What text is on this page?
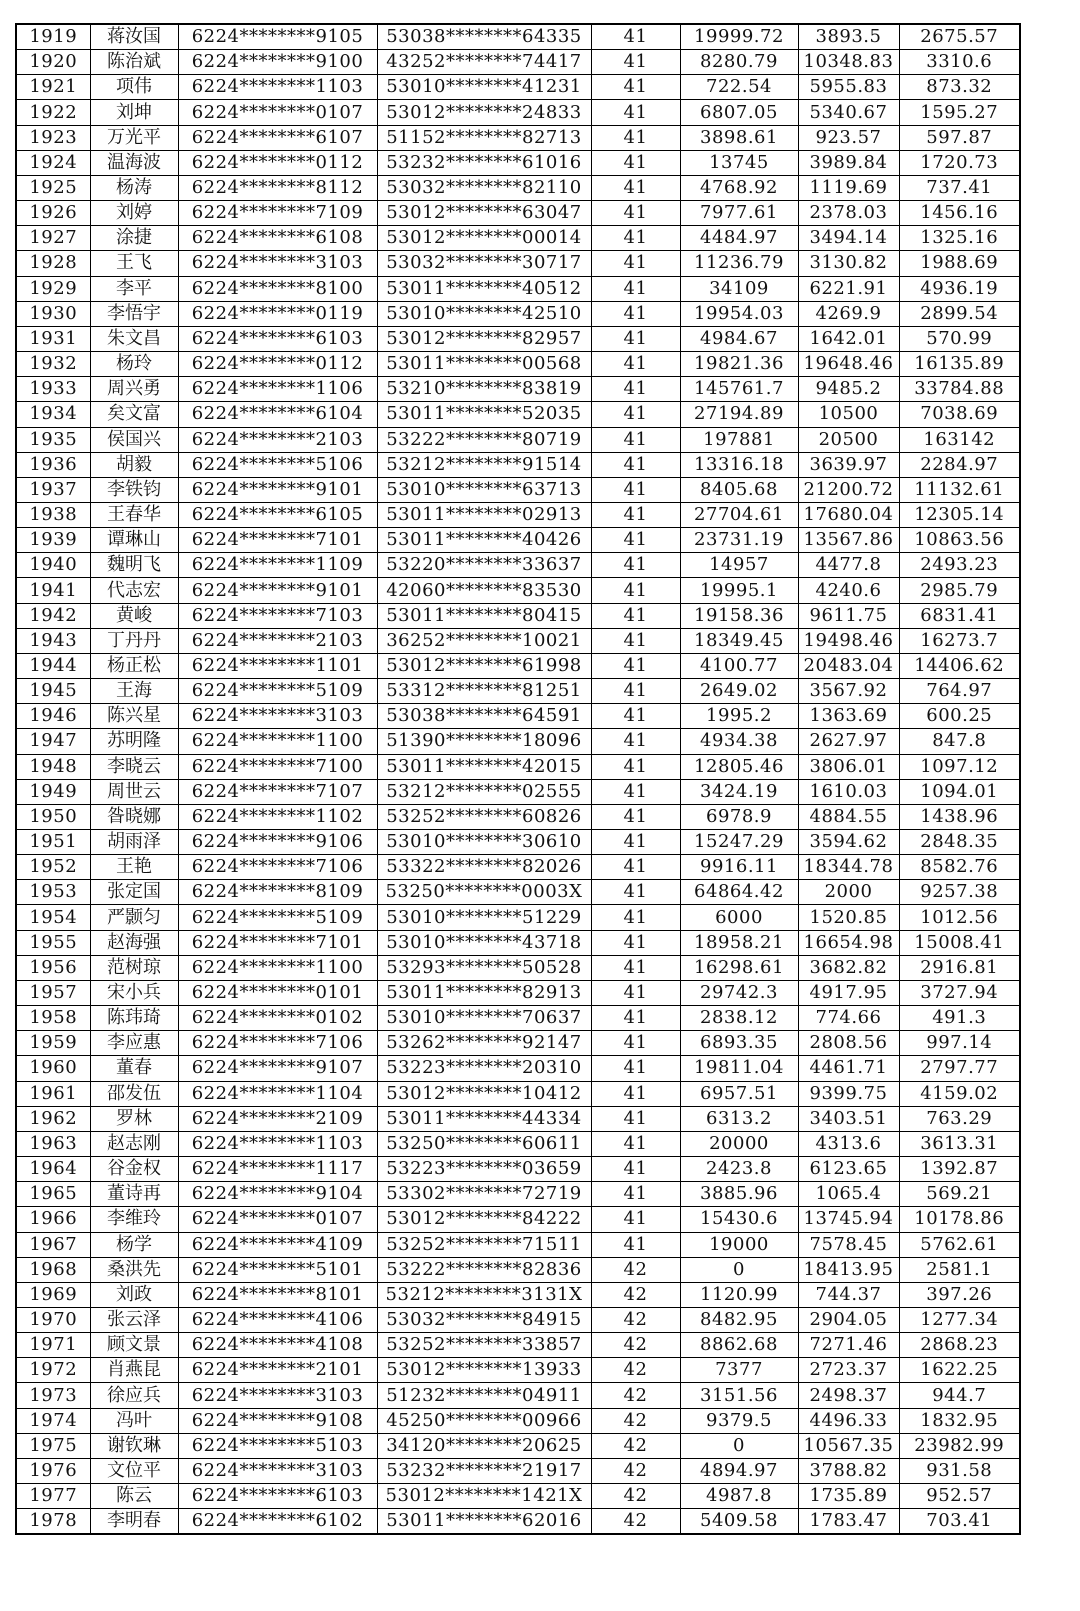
1919	蒋汝国	6224********9105	53038********64335	41	19999.72	3893.5	2675.57
1920	陈治斌	6224********9100	43252********74417	41	8280.79	10348.83	3310.6
1921	项伟	6224********1103	53010********41231	41	722.54	5955.83	873.32
1922	刘坤	6224********0107	53012********24833	41	6807.05	5340.67	1595.27
1923	万光平	6224********6107	51152********82713	41	3898.61	923.57	597.87
1924	温海波	6224********0112	53232********61016	41	13745	3989.84	1720.73
1925	杨涛	6224********8112	53032********82110	41	4768.92	1119.69	737.41
1926	刘婷	6224********7109	53012********63047	41	7977.61	2378.03	1456.16
1927	涂捷	6224********6108	53012********00014	41	4484.97	3494.14	1325.16
1928	王飞	6224********3103	53032********30717	41	11236.79	3130.82	1988.69
1929	李平	6224********8100	53011********40512	41	34109	6221.91	4936.19
1930	李悟宇	6224********0119	53010********42510	41	19954.03	4269.9	2899.54
1931	朱文昌	6224********6103	53012********82957	41	4984.67	1642.01	570.99
1932	杨玲	6224********0112	53011********00568	41	19821.36	19648.46	16135.89
1933	周兴勇	6224********1106	53210********83819	41	145761.7	9485.2	33784.88
1934	矣文富	6224********6104	53011********52035	41	27194.89	10500	7038.69
1935	侯国兴	6224********2103	53222********80719	41	197881	20500	163142
1936	胡毅	6224********5106	53212********91514	41	13316.18	3639.97	2284.97
1937	李铁钧	6224********9101	53010********63713	41	8405.68	21200.72	11132.61
1938	王春华	6224********6105	53011********02913	41	27704.61	17680.04	12305.14
1939	谭琳山	6224********7101	53011********40426	41	23731.19	13567.86	10863.56
1940	魏明飞	6224********1109	53220********33637	41	14957	4477.8	2493.23
1941	代志宏	6224********9101	42060********83530	41	19995.1	4240.6	2985.79
1942	黄峻	6224********7103	53011********80415	41	19158.36	9611.75	6831.41
1943	丁丹丹	6224********2103	36252********10021	41	18349.45	19498.46	16273.7
1944	杨正松	6224********1101	53012********61998	41	4100.77	20483.04	14406.62
1945	王海	6224********5109	53312********81251	41	2649.02	3567.92	764.97
1946	陈兴星	6224********3103	53038********64591	41	1995.2	1363.69	600.25
1947	苏明隆	6224********1100	51390********18096	41	4934.38	2627.97	847.8
1948	李晓云	6224********7100	53011********42015	41	12805.46	3806.01	1097.12
1949	周世云	6224********7107	53212********02555	41	3424.19	1610.03	1094.01
1950	昝晓娜	6224********1102	53252********60826	41	6978.9	4884.55	1438.96
1951	胡雨泽	6224********9106	53010********30610	41	15247.29	3594.62	2848.35
1952	王艳	6224********7106	53322********82026	41	9916.11	18344.78	8582.76
1953	张定国	6224********8109	53250********0003X	41	64864.42	2000	9257.38
1954	严颢匀	6224********5109	53010********51229	41	6000	1520.85	1012.56
1955	赵海强	6224********7101	53010********43718	41	18958.21	16654.98	15008.41
1956	范树琼	6224********1100	53293********50528	41	16298.61	3682.82	2916.81
1957	宋小兵	6224********0101	53011********82913	41	29742.3	4917.95	3727.94
1958	陈玮琦	6224********0102	53010********70637	41	2838.12	774.66	491.3
1959	李应惠	6224********7106	53262********92147	41	6893.35	2808.56	997.14
1960	董春	6224********9107	53223********20310	41	19811.04	4461.71	2797.77
1961	邵发伍	6224********1104	53012********10412	41	6957.51	9399.75	4159.02
1962	罗林	6224********2109	53011********44334	41	6313.2	3403.51	763.29
1963	赵志刚	6224********1103	53250********60611	41	20000	4313.6	3613.31
1964	谷金权	6224********1117	53223********03659	41	2423.8	6123.65	1392.87
1965	董诗再	6224********9104	53302********72719	41	3885.96	1065.4	569.21
1966	李维玲	6224********0107	53012********84222	41	15430.6	13745.94	10178.86
1967	杨学	6224********4109	53252********71511	41	19000	7578.45	5762.61
1968	桑洪先	6224********5101	53222********82836	42	0	18413.95	2581.1
1969	刘政	6224********8101	53212********3131X	42	1120.99	744.37	397.26
1970	张云泽	6224********4106	53032********84915	42	8482.95	2904.05	1277.34
1971	顾文景	6224********4108	53252********33857	42	8862.68	7271.46	2868.23
1972	肖燕昆	6224********2101	53012********13933	42	7377	2723.37	1622.25
1973	徐应兵	6224********3103	51232********04911	42	3151.56	2498.37	944.7
1974	冯叶	6224********9108	45250********00966	42	9379.5	4496.33	1832.95
1975	谢钦琳	6224********5103	34120********20625	42	0	10567.35	23982.99
1976	文位平	6224********3103	53232********21917	42	4894.97	3788.82	931.58
1977	陈云	6224********6103	53012********1421X	42	4987.8	1735.89	952.57
1978	李明春	6224********6102	53011********62016	42	5409.58	1783.47	703.41
